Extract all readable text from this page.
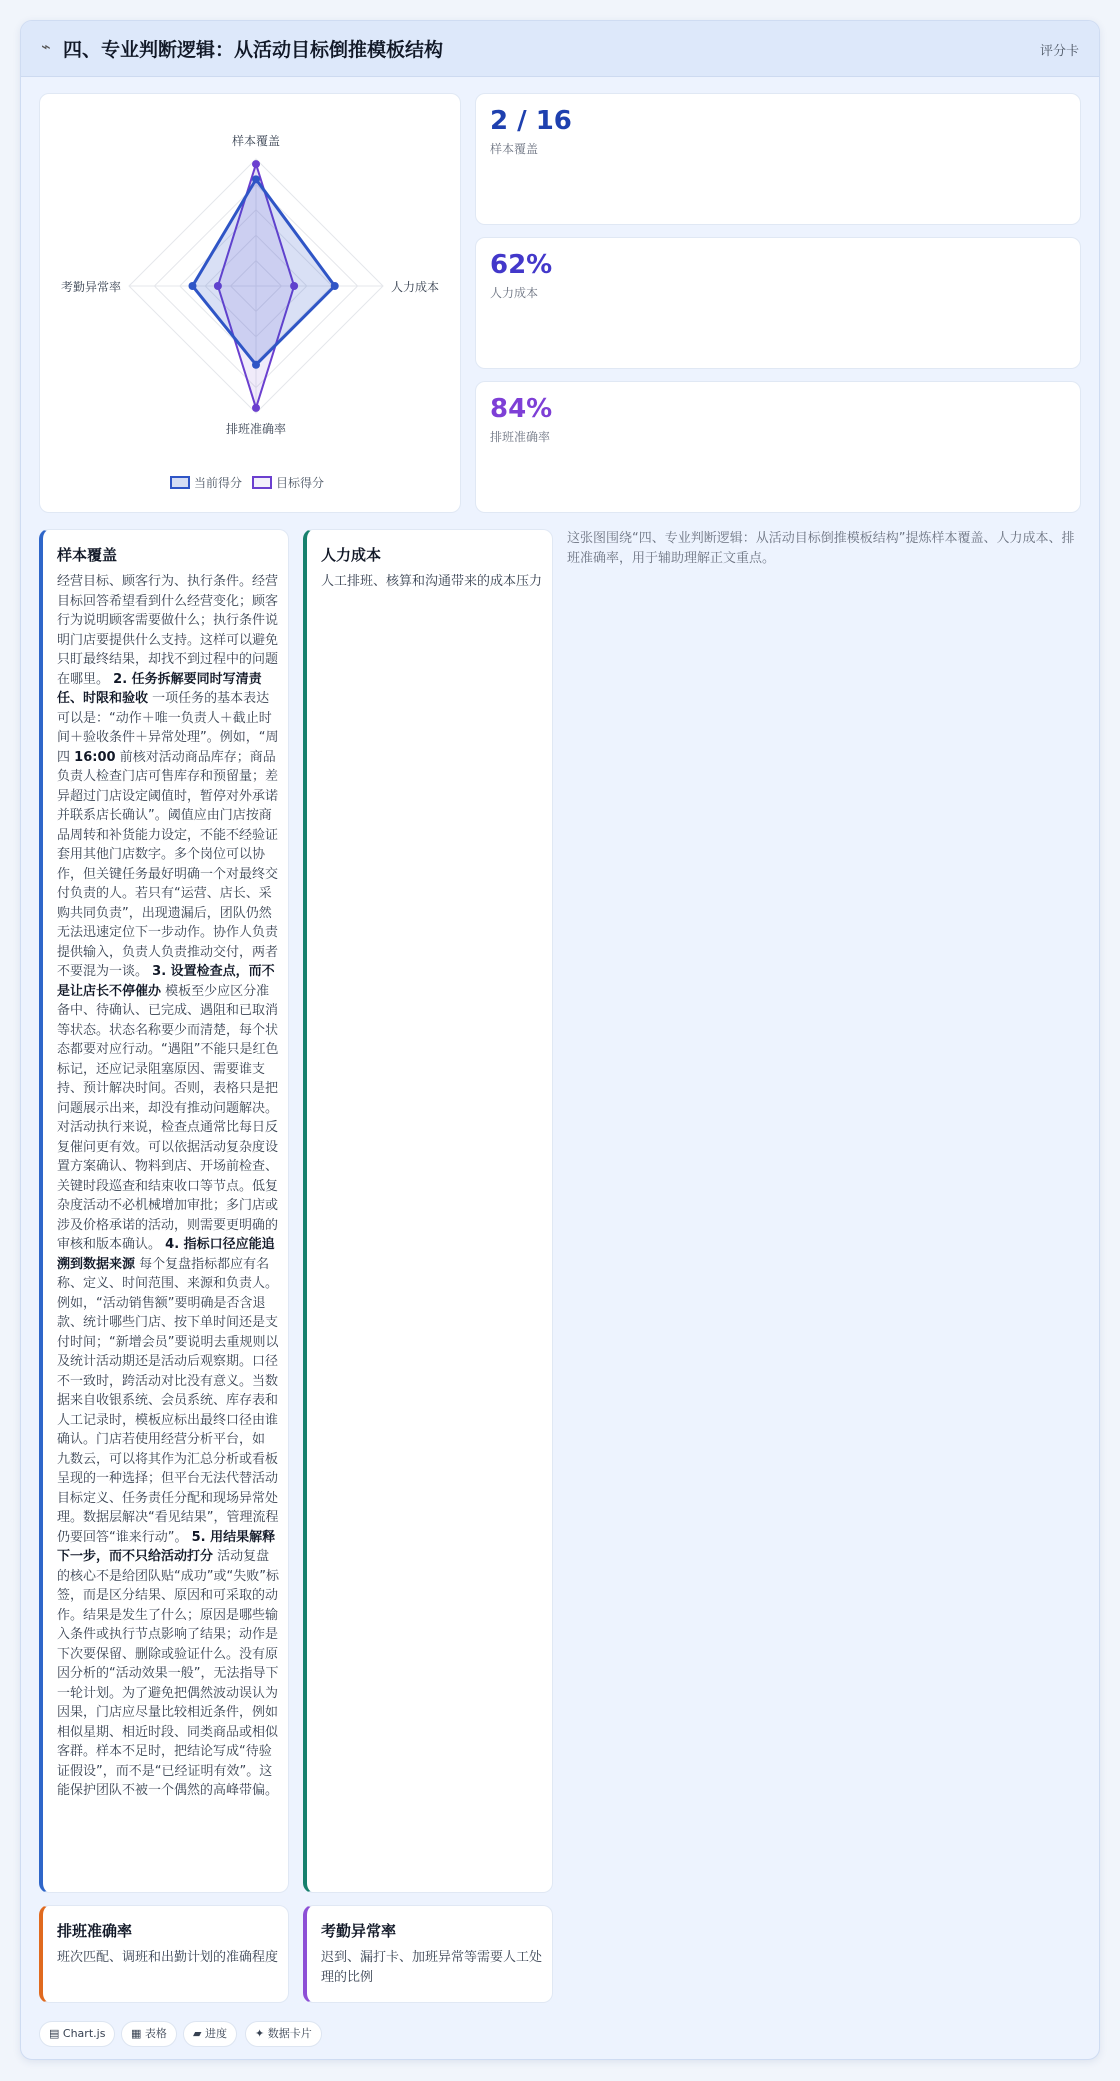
⌁ 四、专业判断逻辑：从活动目标倒推模板结构	评分卡
样本覆盖
人力成本
排班准确率
考勤异常率
当前得分	目标得分
2 / 16
样本覆盖
62%
人力成本
84%
排班准确率
样本覆盖
经营目标、顾客行为、执行条件。经营目标回答希望看到什么经营变化；顾客行为说明顾客需要做什么；执行条件说明门店要提供什么支持。这样可以避免只盯最终结果，却找不到过程中的问题在哪里。 2. 任务拆解要同时写清责任、时限和验收 一项任务的基本表达可以是：“动作＋唯一负责人＋截止时间＋验收条件＋异常处理”。例如，“周四 16:00 前核对活动商品库存；商品负责人检查门店可售库存和预留量；差异超过门店设定阈值时，暂停对外承诺并联系店长确认”。阈值应由门店按商品周转和补货能力设定，不能不经验证套用其他门店数字。多个岗位可以协作，但关键任务最好明确一个对最终交付负责的人。若只有“运营、店长、采购共同负责”，出现遗漏后，团队仍然无法迅速定位下一步动作。协作人负责提供输入，负责人负责推动交付，两者不要混为一谈。 3. 设置检查点，而不是让店长不停催办 模板至少应区分准备中、待确认、已完成、遇阻和已取消等状态。状态名称要少而清楚，每个状态都要对应行动。“遇阻”不能只是红色标记，还应记录阻塞原因、需要谁支持、预计解决时间。否则，表格只是把问题展示出来，却没有推动问题解决。对活动执行来说，检查点通常比每日反复催问更有效。可以依据活动复杂度设置方案确认、物料到店、开场前检查、关键时段巡查和结束收口等节点。低复杂度活动不必机械增加审批；多门店或涉及价格承诺的活动，则需要更明确的审核和版本确认。 4. 指标口径应能追溯到数据来源 每个复盘指标都应有名称、定义、时间范围、来源和负责人。例如，“活动销售额”要明确是否含退款、统计哪些门店、按下单时间还是支付时间；“新增会员”要说明去重规则以及统计活动期还是活动后观察期。口径不一致时，跨活动对比没有意义。当数据来自收银系统、会员系统、库存表和人工记录时，模板应标出最终口径由谁确认。门店若使用经营分析平台，如 九数云，可以将其作为汇总分析或看板呈现的一种选择；但平台无法代替活动目标定义、任务责任分配和现场异常处理。数据层解决“看见结果”，管理流程仍要回答“谁来行动”。 5. 用结果解释下一步，而不只给活动打分 活动复盘的核心不是给团队贴“成功”或“失败”标签，而是区分结果、原因和可采取的动作。结果是发生了什么；原因是哪些输入条件或执行节点影响了结果；动作是下次要保留、删除或验证什么。没有原因分析的“活动效果一般”，无法指导下一轮计划。为了避免把偶然波动误认为因果，门店应尽量比较相近条件，例如相似星期、相近时段、同类商品或相似客群。样本不足时，把结论写成“待验证假设”，而不是“已经证明有效”。这能保护团队不被一个偶然的高峰带偏。
人力成本
人工排班、核算和沟通带来的成本压力
这张图围绕“四、专业判断逻辑：从活动目标倒推模板结构”提炼样本覆盖、人力成本、排班准确率，用于辅助理解正文重点。
排班准确率
班次匹配、调班和出勤计划的准确程度
考勤异常率
迟到、漏打卡、加班异常等需要人工处理的比例
▤ Chart.js	▦ 表格	▰ 进度	✦ 数据卡片
